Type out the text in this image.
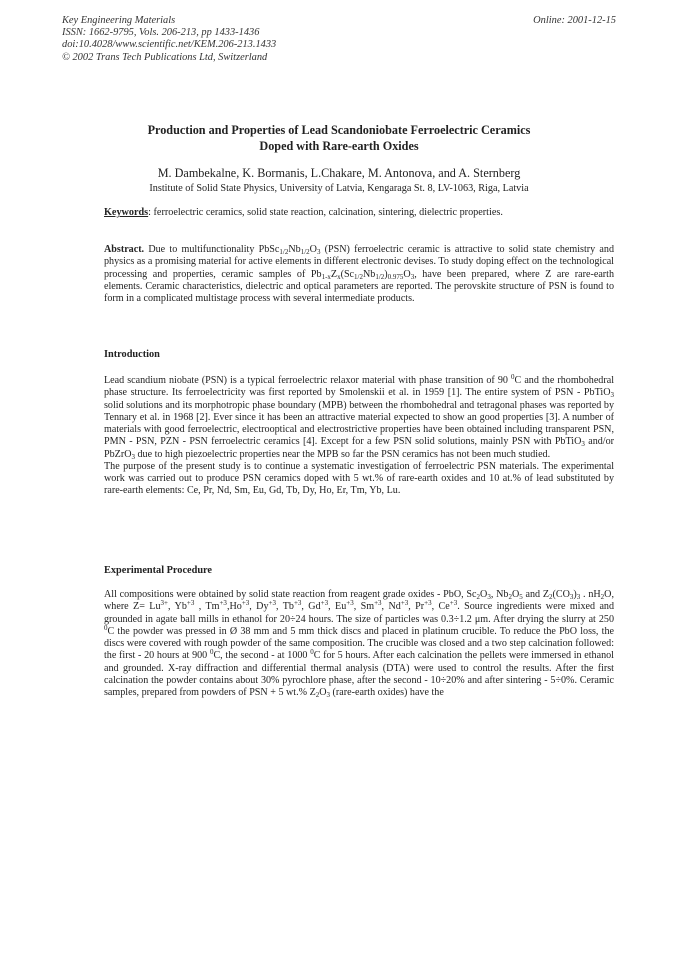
Key Engineering Materials
ISSN: 1662-9795, Vols. 206-213, pp 1433-1436
doi:10.4028/www.scientific.net/KEM.206-213.1433
© 2002 Trans Tech Publications Ltd, Switzerland
Online: 2001-12-15
Production and Properties of Lead Scandoniobate Ferroelectric Ceramics
Doped with Rare-earth Oxides
M. Dambekalne, K. Bormanis, L.Chakare, M. Antonova, and A. Sternberg
Institute of Solid State Physics, University of Latvia, Kengaraga St. 8, LV-1063, Riga, Latvia
Keywords: ferroelectric ceramics, solid state reaction, calcination, sintering, dielectric properties.
Abstract. Due to multifunctionality $PbSc_{1/2}Nb_{1/2}O_3$ (PSN) ferroelectric ceramic is attractive to solid state chemistry and physics as a promising material for active elements in different electronic devises. To study doping effect on the technological processing and properties, ceramic samples of $Pb_{1-x}Z_x(Sc_{1/2}Nb_{1/2})_{0.975}O_3$, have been prepared, where Z are rare-earth elements. Ceramic characteristics, dielectric and optical parameters are reported. The perovskite structure of PSN is found to form in a complicated multistage process with several intermediate products.
Introduction

Lead scandium niobate (PSN) is a typical ferroelectric relaxor material with phase transition of 90 $^0$C and the rhombohedral phase structure. Its ferroelectricity was first reported by Smolenskii et al. in 1959 [1]. The entire system of PSN - PbTiO$_3$ solid solutions and its morphotropic phase boundary (MPB) between the rhombohedral and tetragonal phases was reported by Tennary et al. in 1968 [2]. Ever since it has been an attractive material expected to show an good properties [3]. A number of materials with good ferroelectric, electrooptical and electrostrictive properties have been obtained including transparent PSN, PMN - PSN, PZN - PSN ferroelectric ceramics [4]. Except for a few PSN solid solutions, mainly PSN with PbTiO$_3$ and/or PbZrO$_3$ due to high piezoelectric properties near the MPB so far the PSN ceramics has not been much studied.

The purpose of the present study is to continue a systematic investigation of ferroelectric PSN materials. The experimental work was carried out to produce PSN ceramics doped with 5 wt.% of rare-earth oxides and 10 at.% of lead substituted by rare-earth elements: Ce, Pr, Nd, Sm, Eu, Gd, Tb, Dy, Ho, Er, Tm, Yb, Lu.

Experimental Procedure
All compositions were obtained by solid state reaction from reagent grade oxides - PbO, $Sc_2O_3$, $Nb_2O_5$ and $Z_2(CO_3)_3$ . $nH_2O$, where $Z= Lu^{3+}$, $Yb^{+3}$ , $Tm^{+3},Ho^{+3}$, $Dy^{+3}$, $Tb^{+3}$, $Gd^{+3}$, $Eu^{+3}$, $Sm^{+3}$, $Nd^{+3}$, $Pr^{+3}$, $Ce^{+3}$. Source ingredients were mixed and grounded in agate ball mills in ethanol for 20÷24 hours. The size of particles was 0.3÷1.2 μm. After drying the slurry at 250 $^0$C the powder was pressed in Ø 38 mm and 5 mm thick discs and placed in platinum crucible. To reduce the PbO loss, the discs were covered with rough powder of the same composition. The crucible was closed and a two step calcination followed: the first - 20 hours at 900 $^0$C, the second - at 1000 $^0$C for 5 hours. After each calcination the pellets were immersed in ethanol and grounded. X-ray diffraction and differential thermal analysis (DTA) were used to control the results. After the first calcination the powder contains about 30% pyrochlore phase, after the second - 10÷20% and after sintering - 5÷0%. Ceramic samples, prepared from powders of PSN + 5 wt.% $Z_2O_3$ (rare-earth oxides) have the
